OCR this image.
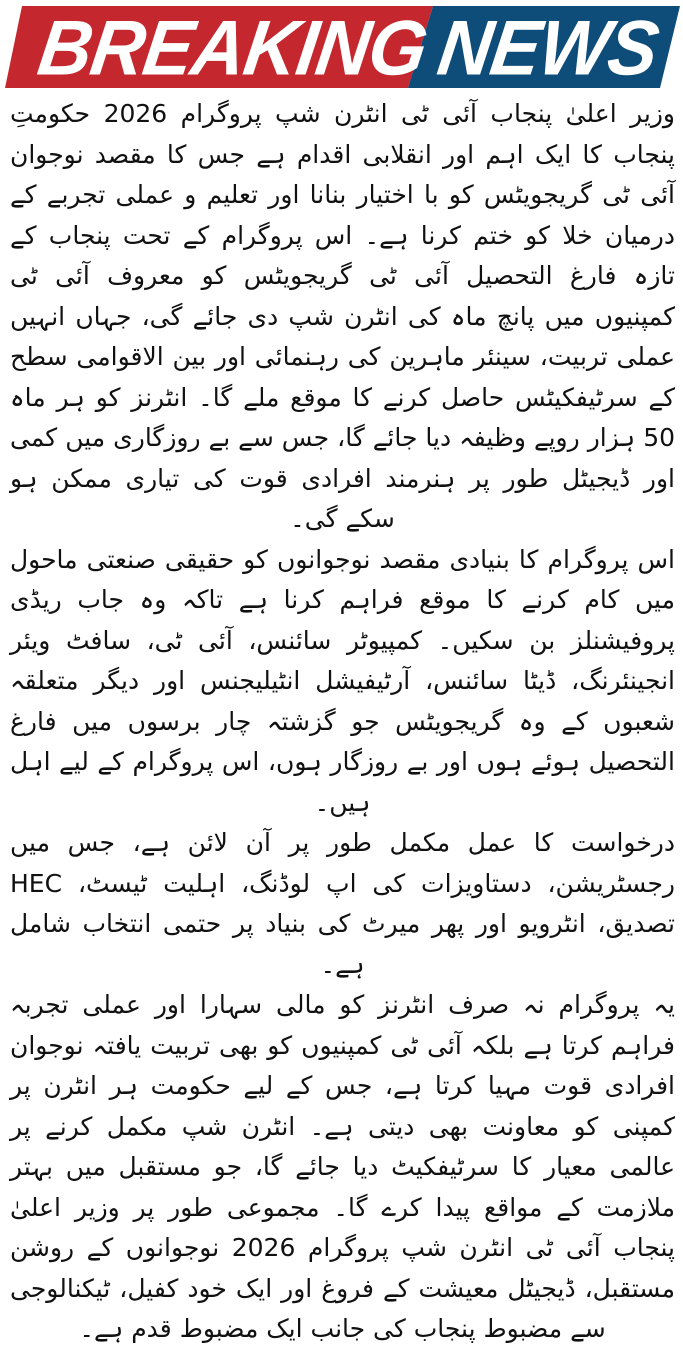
BREAKING NEWS

وزیر اعلیٰ پنجاب آئی ٹی انٹرن شپ پروگرام 2026 حکومتِ پنجاب کا ایک اہم اور انقلابی اقدام ہے جس کا مقصد نوجوان آئی ٹی گریجویٹس کو با اختیار بنانا اور تعلیم و عملی تجربے کے درمیان خلا کو ختم کرنا ہے۔ اس پروگرام کے تحت پنجاب کے تازہ فارغ التحصیل آئی ٹی گریجویٹس کو معروف آئی ٹی کمپنیوں میں پانچ ماہ کی انٹرن شپ دی جائے گی، جہاں انہیں عملی تربیت، سینئر ماہرین کی رہنمائی اور بین الاقوامی سطح کے سرٹیفکیٹس حاصل کرنے کا موقع ملے گا۔ انٹرنز کو ہر ماہ 50 ہزار روپے وظیفہ دیا جائے گا، جس سے بے روزگاری میں کمی اور ڈیجیٹل طور پر ہنرمند افرادی قوت کی تیاری ممکن ہو سکے گی۔

اس پروگرام کا بنیادی مقصد نوجوانوں کو حقیقی صنعتی ماحول میں کام کرنے کا موقع فراہم کرنا ہے تاکہ وہ جاب ریڈی پروفیشنلز بن سکیں۔ کمپیوٹر سائنس، آئی ٹی، سافٹ ویئر انجینئرنگ، ڈیٹا سائنس، آرٹیفیشل انٹیلیجنس اور دیگر متعلقہ شعبوں کے وہ گریجویٹس جو گزشتہ چار برسوں میں فارغ التحصیل ہوئے ہوں اور بے روزگار ہوں، اس پروگرام کے لیے اہل ہیں۔

درخواست کا عمل مکمل طور پر آن لائن ہے، جس میں رجسٹریشن، دستاویزات کی اپ لوڈنگ، اہلیت ٹیسٹ، HEC تصدیق، انٹرویو اور پھر میرٹ کی بنیاد پر حتمی انتخاب شامل ہے۔

یہ پروگرام نہ صرف انٹرنز کو مالی سہارا اور عملی تجربہ فراہم کرتا ہے بلکہ آئی ٹی کمپنیوں کو بھی تربیت یافتہ نوجوان افرادی قوت مہیا کرتا ہے، جس کے لیے حکومت ہر انٹرن پر کمپنی کو معاونت بھی دیتی ہے۔ انٹرن شپ مکمل کرنے پر عالمی معیار کا سرٹیفکیٹ دیا جائے گا، جو مستقبل میں بہتر ملازمت کے مواقع پیدا کرے گا۔ مجموعی طور پر وزیر اعلیٰ پنجاب آئی ٹی انٹرن شپ پروگرام 2026 نوجوانوں کے روشن مستقبل، ڈیجیٹل معیشت کے فروغ اور ایک خود کفیل، ٹیکنالوجی سے مضبوط پنجاب کی جانب ایک مضبوط قدم ہے۔
